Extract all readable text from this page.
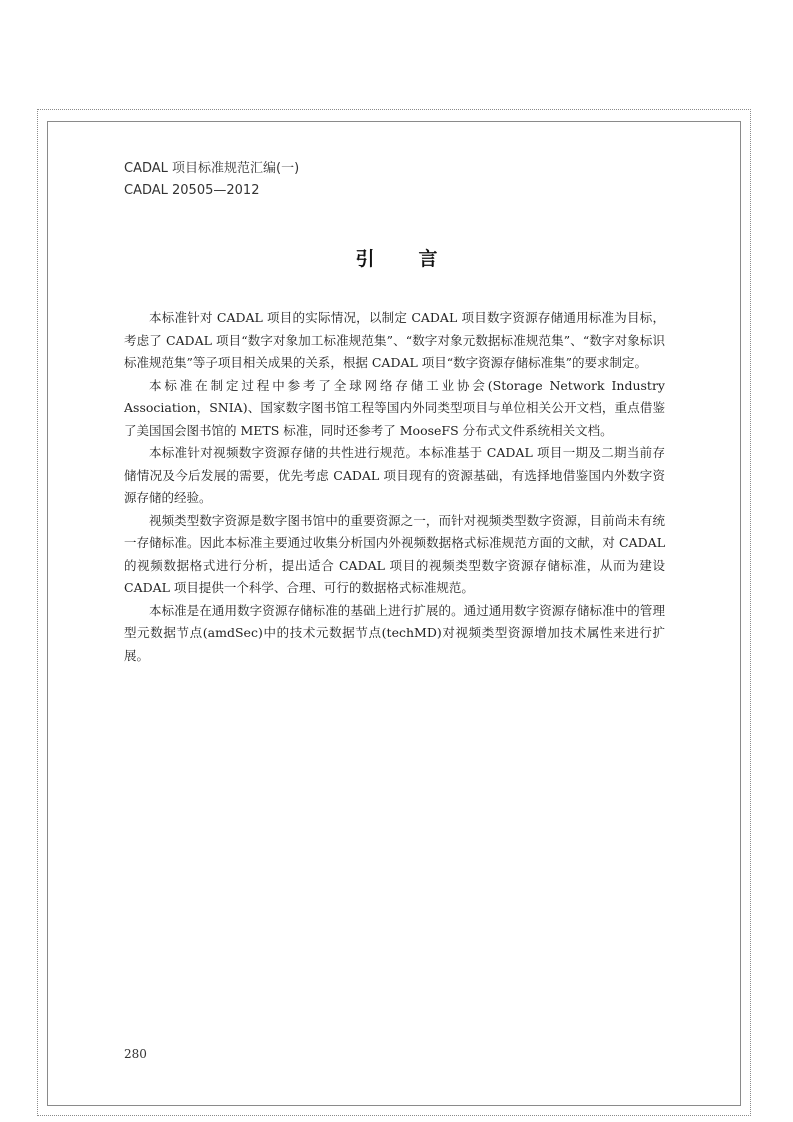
CADAL 项目标准规范汇编(一)
CADAL 20505—2012
引 言

本标准针对 CADAL 项目的实际情况，以制定 CADAL 项目数字资源存储通用标准为目标，考虑了 CADAL 项目“数字对象加工标准规范集”、“数字对象元数据标准规范集”、“数字对象标识标准规范集”等子项目相关成果的关系，根据 CADAL 项目“数字资源存储标准集”的要求制定。

本标准在制定过程中参考了全球网络存储工业协会(Storage Network Industry Association，SNIA)、国家数字图书馆工程等国内外同类型项目与单位相关公开文档，重点借鉴了美国国会图书馆的 METS 标准，同时还参考了 MooseFS 分布式文件系统相关文档。

本标准针对视频数字资源存储的共性进行规范。本标准基于 CADAL 项目一期及二期当前存储情况及今后发展的需要，优先考虑 CADAL 项目现有的资源基础，有选择地借鉴国内外数字资源存储的经验。

视频类型数字资源是数字图书馆中的重要资源之一，而针对视频类型数字资源，目前尚未有统一存储标准。因此本标准主要通过收集分析国内外视频数据格式标准规范方面的文献，对 CADAL 的视频数据格式进行分析，提出适合 CADAL 项目的视频类型数字资源存储标准，从而为建设 CADAL 项目提供一个科学、合理、可行的数据格式标准规范。

本标准是在通用数字资源存储标准的基础上进行扩展的。通过通用数字资源存储标准中的管理型元数据节点(amdSec)中的技术元数据节点(techMD)对视频类型资源增加技术属性来进行扩展。

280
